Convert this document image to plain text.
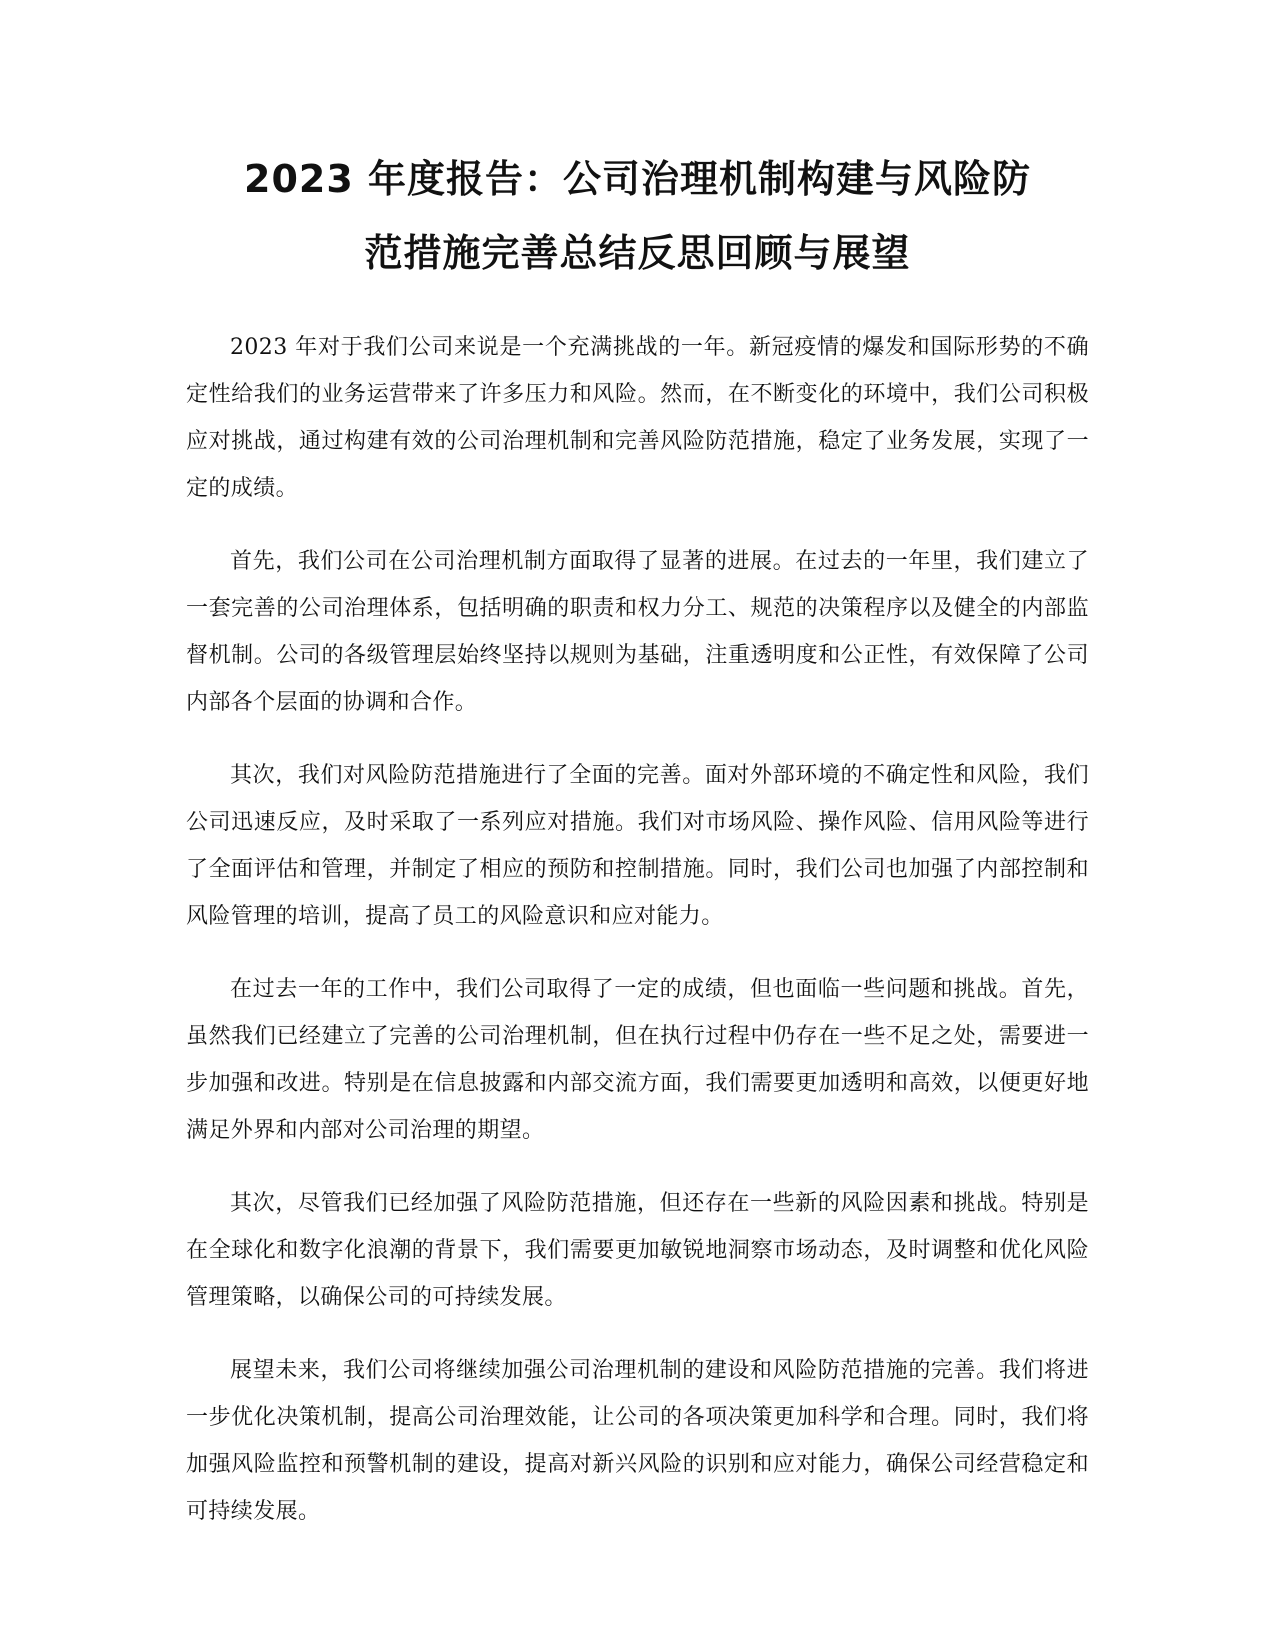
2023 年度报告：公司治理机制构建与风险防
范措施完善总结反思回顾与展望

2023 年对于我们公司来说是一个充满挑战的一年。新冠疫情的爆发和国际形势的不确定性给我们的业务运营带来了许多压力和风险。然而，在不断变化的环境中，我们公司积极应对挑战，通过构建有效的公司治理机制和完善风险防范措施，稳定了业务发展，实现了一定的成绩。

首先，我们公司在公司治理机制方面取得了显著的进展。在过去的一年里，我们建立了一套完善的公司治理体系，包括明确的职责和权力分工、规范的决策程序以及健全的内部监督机制。公司的各级管理层始终坚持以规则为基础，注重透明度和公正性，有效保障了公司内部各个层面的协调和合作。

其次，我们对风险防范措施进行了全面的完善。面对外部环境的不确定性和风险，我们公司迅速反应，及时采取了一系列应对措施。我们对市场风险、操作风险、信用风险等进行了全面评估和管理，并制定了相应的预防和控制措施。同时，我们公司也加强了内部控制和风险管理的培训，提高了员工的风险意识和应对能力。

在过去一年的工作中，我们公司取得了一定的成绩，但也面临一些问题和挑战。首先，虽然我们已经建立了完善的公司治理机制，但在执行过程中仍存在一些不足之处，需要进一步加强和改进。特别是在信息披露和内部交流方面，我们需要更加透明和高效，以便更好地满足外界和内部对公司治理的期望。

其次，尽管我们已经加强了风险防范措施，但还存在一些新的风险因素和挑战。特别是在全球化和数字化浪潮的背景下，我们需要更加敏锐地洞察市场动态，及时调整和优化风险管理策略，以确保公司的可持续发展。

展望未来，我们公司将继续加强公司治理机制的建设和风险防范措施的完善。我们将进一步优化决策机制，提高公司治理效能，让公司的各项决策更加科学和合理。同时，我们将加强风险监控和预警机制的建设，提高对新兴风险的识别和应对能力，确保公司经营稳定和可持续发展。
